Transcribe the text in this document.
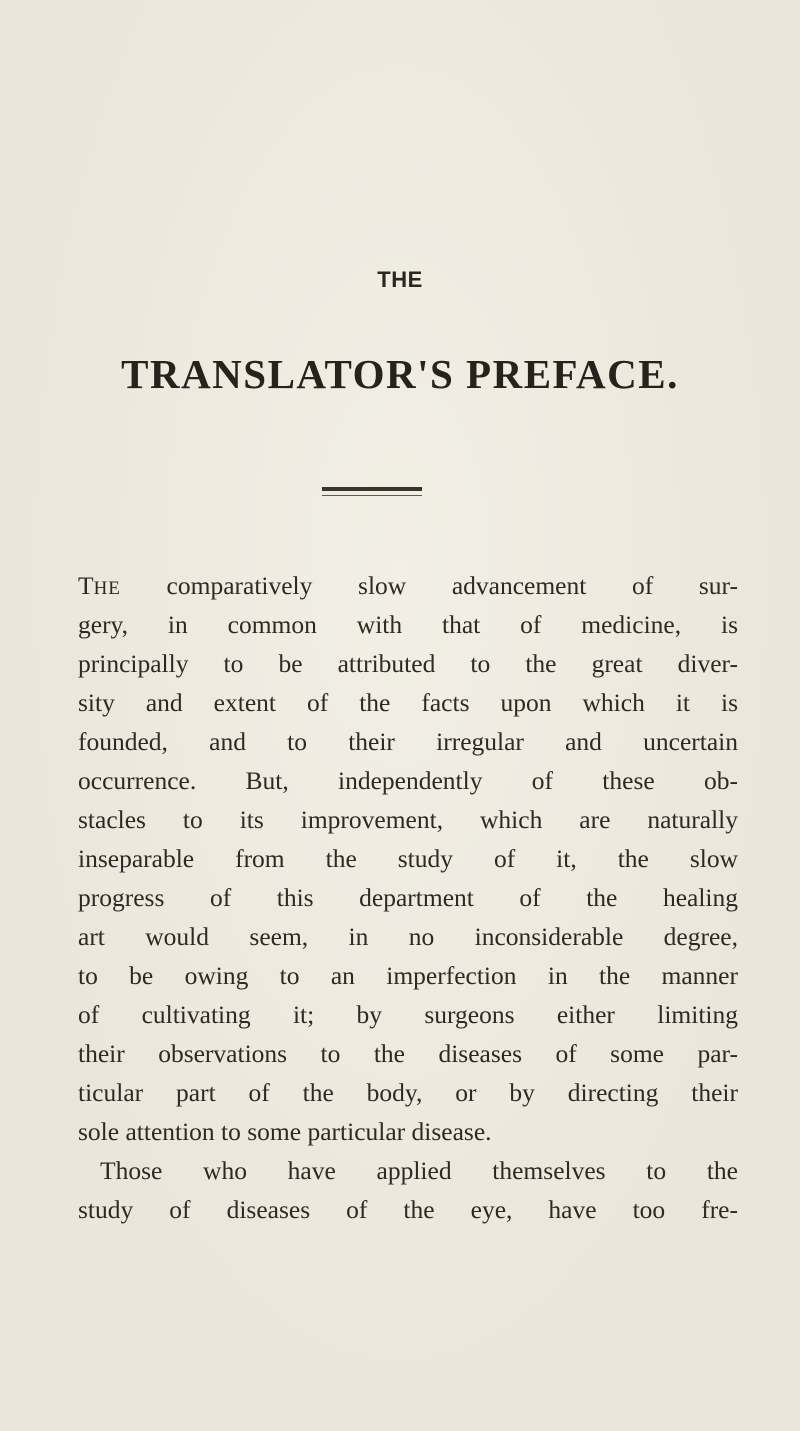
THE
TRANSLATOR'S PREFACE.
THE comparatively slow advancement of sur-
gery, in common with that of medicine, is
principally to be attributed to the great diver-
sity and extent of the facts upon which it is
founded, and to their irregular and uncertain
occurrence. But, independently of these ob-
stacles to its improvement, which are naturally
inseparable from the study of it, the slow
progress of this department of the healing
art would seem, in no inconsiderable degree,
to be owing to an imperfection in the manner
of cultivating it; by surgeons either limiting
their observations to the diseases of some par-
ticular part of the body, or by directing their
sole attention to some particular disease.
Those who have applied themselves to the
study of diseases of the eye, have too fre-
